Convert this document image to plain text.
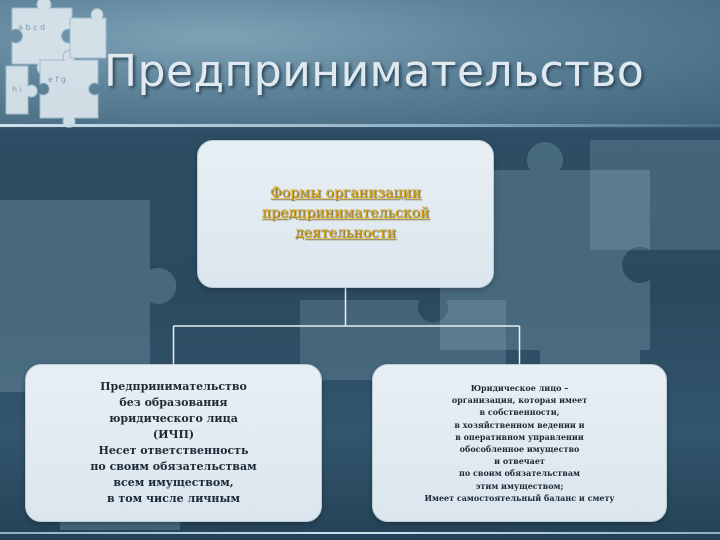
a b c d
e f g
h i Предпринимательство
Формы организации
предпринимательской
деятельности
Предпринимательство
без образования
юридического лица
(ИЧП)
Несет ответственность
по своим обязательствам
всем имуществом,
в том числе личным
Юридическое лицо –
организация, которая имеет
в собственности,
в хозяйственном ведении и
в оперативном управлении
обособленное имущество
и отвечает
по своим обязательствам
этим имуществом;
Имеет самостоятельный баланс и смету
